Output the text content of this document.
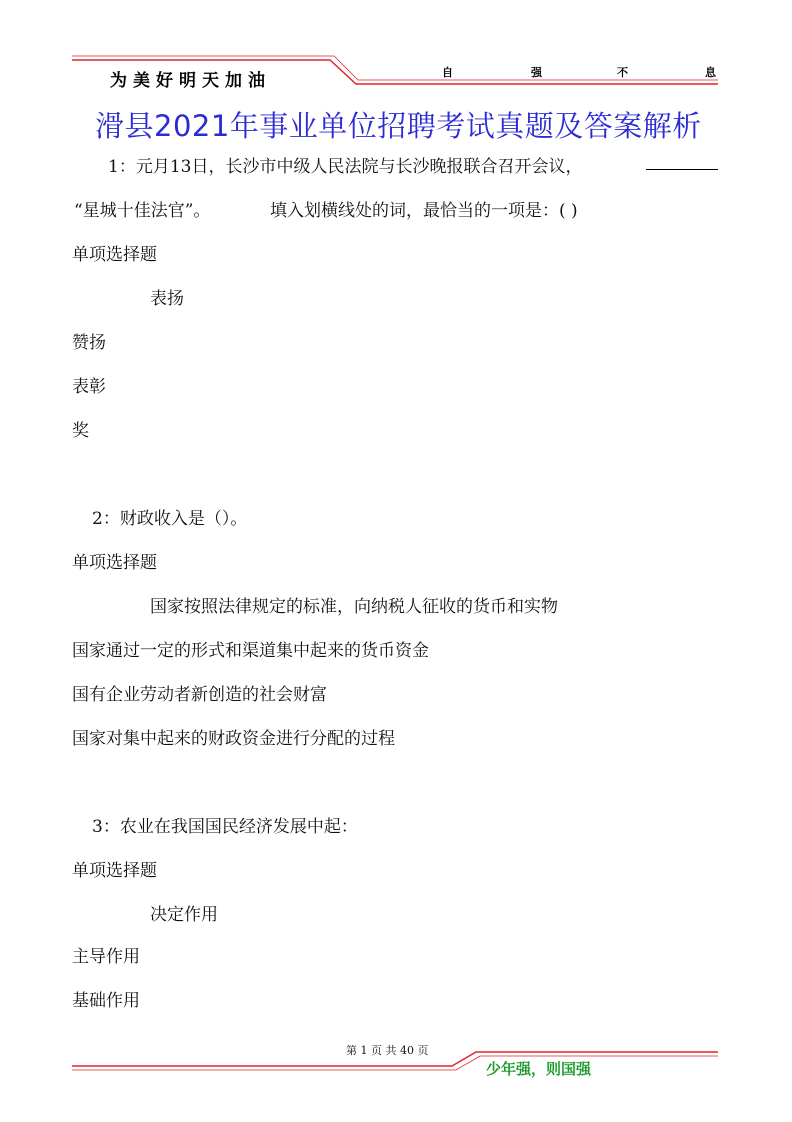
为美好明天加油	自	强	不	息
滑县2021年事业单位招聘考试真题及答案解析
1：元月13日，长沙市中级人民法院与长沙晚报联合召开会议，
“星城十佳法官”。	填入划横线处的词，最恰当的一项是：( )
单项选择题
表扬
赞扬
表彰
奖
2：财政收入是（）。
单项选择题
国家按照法律规定的标准，向纳税人征收的货币和实物
国家通过一定的形式和渠道集中起来的货币资金
国有企业劳动者新创造的社会财富
国家对集中起来的财政资金进行分配的过程
3：农业在我国国民经济发展中起：
单项选择题
决定作用
主导作用
基础作用
第 1 页 共 40 页
少年强，则国强
